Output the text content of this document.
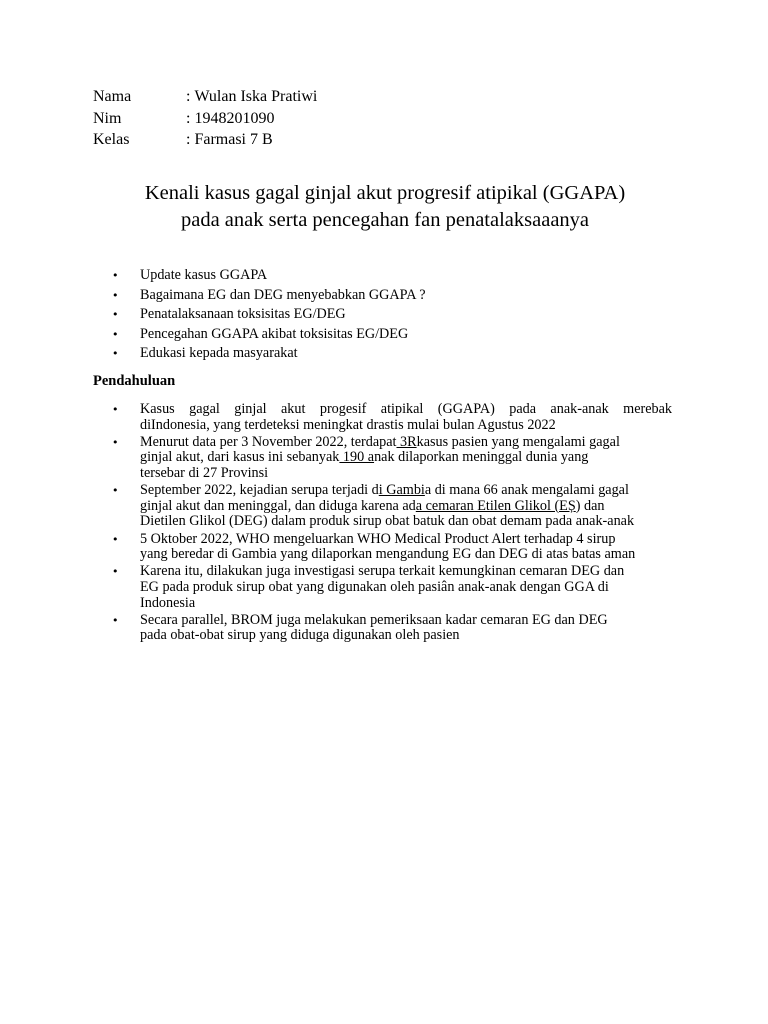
Nama	: Wulan Iska Pratiwi
Nim	: 1948201090
Kelas	: Farmasi 7 B
Kenali kasus gagal ginjal akut progresif atipikal (GGAPA)
pada anak serta pencegahan fan penatalaksaaanya
• Update kasus GGAPA
• Bagaimana EG dan DEG menyebabkan GGAPA ?
• Penatalaksanaan toksisitas EG/DEG
• Pencegahan GGAPA akibat toksisitas EG/DEG
• Edukasi kepada masyarakat
Pendahuluan
• Kasus gagal ginjal akut progesif atipikal (GGAPA) pada anak-anak merebak
diIndonesia, yang terdeteksi meningkat drastis mulai bulan Agustus 2022
• Menurut data per 3 November 2022, terdapat 3Rkasus pasien yang mengalami gagal
ginjal akut, dari kasus ini sebanyak 190 anak dilaporkan meninggal dunia yang
tersebar di 27 Provinsi
• September 2022, kejadian serupa terjadi di Gambia di mana 66 anak mengalami gagal
ginjal akut dan meninggal, dan diduga karena ada cemaran Etilen Glikol (EȘ) dan
Dietilen Glikol (DEG) dalam produk sirup obat batuk dan obat demam pada anak-anak
• 5 Oktober 2022, WHO mengeluarkan WHO Medical Product Alert terhadap 4 sirup
yang beredar di Gambia yang dilaporkan mengandung EG dan DEG di atas batas aman
• Karena itu, dilakukan juga investigasi serupa terkait kemungkinan cemaran DEG dan
EG pada produk sirup obat yang digunakan oleh pasiân anak-anak dengan GGA di
Indonesia
• Secara parallel, BROM juga melakukan pemeriksaan kadar cemaran EG dan DEG
pada obat-obat sirup yang diduga digunakan oleh pasien
